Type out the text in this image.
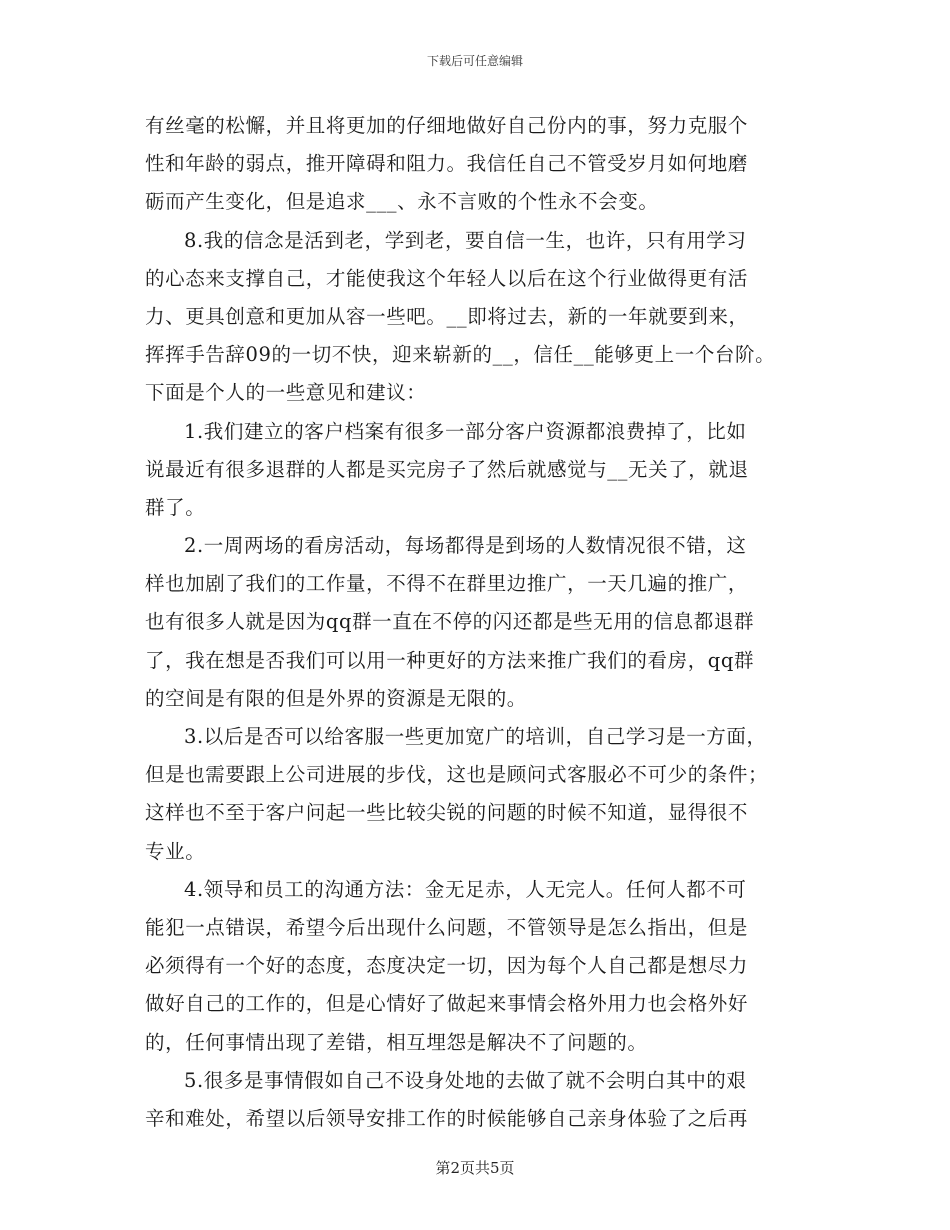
下载后可任意编辑
有丝毫的松懈，并且将更加的仔细地做好自己份内的事，努力克服个
性和年龄的弱点，推开障碍和阻力。我信任自己不管受岁月如何地磨
砺而产生变化，但是追求___、永不言败的个性永不会变。
8.我的信念是活到老，学到老，要自信一生，也许，只有用学习
的心态来支撑自己，才能使我这个年轻人以后在这个行业做得更有活
力、更具创意和更加从容一些吧。__即将过去，新的一年就要到来，
挥挥手告辞09的一切不快，迎来崭新的__，信任__能够更上一个台阶。
下面是个人的一些意见和建议：
1.我们建立的客户档案有很多一部分客户资源都浪费掉了，比如
说最近有很多退群的人都是买完房子了然后就感觉与__无关了，就退
群了。
2.一周两场的看房活动，每场都得是到场的人数情况很不错，这
样也加剧了我们的工作量，不得不在群里边推广，一天几遍的推广，
也有很多人就是因为qq群一直在不停的闪还都是些无用的信息都退群
了，我在想是否我们可以用一种更好的方法来推广我们的看房，qq群
的空间是有限的但是外界的资源是无限的。
3.以后是否可以给客服一些更加宽广的培训，自己学习是一方面，
但是也需要跟上公司进展的步伐，这也是顾问式客服必不可少的条件；
这样也不至于客户问起一些比较尖锐的问题的时候不知道，显得很不
专业。
4.领导和员工的沟通方法：金无足赤，人无完人。任何人都不可
能犯一点错误，希望今后出现什么问题，不管领导是怎么指出，但是
必须得有一个好的态度，态度决定一切，因为每个人自己都是想尽力
做好自己的工作的，但是心情好了做起来事情会格外用力也会格外好
的，任何事情出现了差错，相互埋怨是解决不了问题的。
5.很多是事情假如自己不设身处地的去做了就不会明白其中的艰
辛和难处，希望以后领导安排工作的时候能够自己亲身体验了之后再
第2页共5页
